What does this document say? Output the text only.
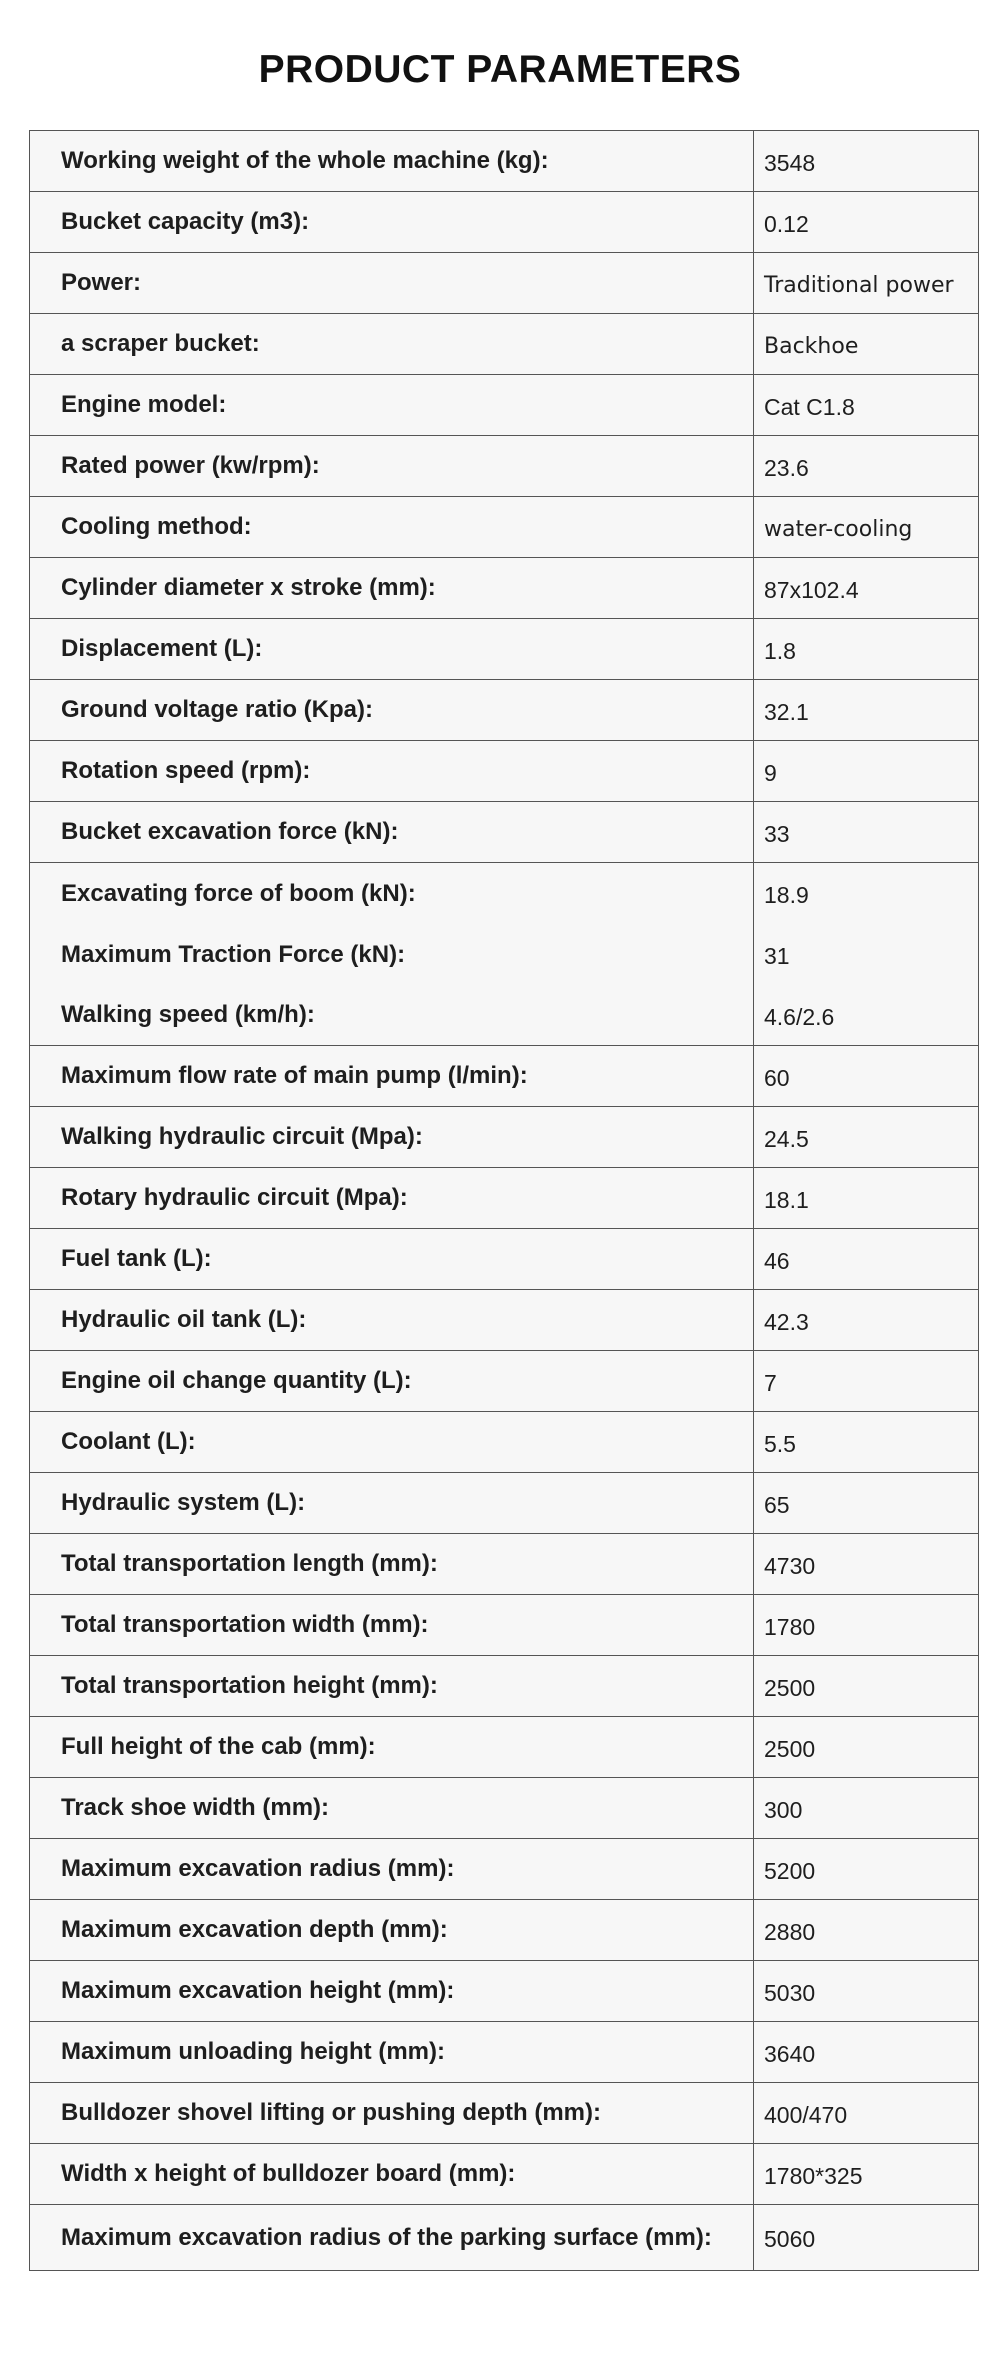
PRODUCT PARAMETERS
Working weight of the whole machine (kg):	3548
Bucket capacity (m3):	0.12
Power:	Traditional power
a scraper bucket:	Backhoe
Engine model:	Cat C1.8
Rated power (kw/rpm):	23.6
Cooling method:	water-cooling
Cylinder diameter x stroke (mm):	87x102.4
Displacement (L):	1.8
Ground voltage ratio (Kpa):	32.1
Rotation speed (rpm):	9
Bucket excavation force (kN):	33
Excavating force of boom (kN):	18.9
Maximum Traction Force (kN):	31
Walking speed (km/h):	4.6/2.6
Maximum flow rate of main pump (l/min):	60
Walking hydraulic circuit (Mpa):	24.5
Rotary hydraulic circuit (Mpa):	18.1
Fuel tank (L):	46
Hydraulic oil tank (L):	42.3
Engine oil change quantity (L):	7
Coolant (L):	5.5
Hydraulic system (L):	65
Total transportation length (mm):	4730
Total transportation width (mm):	1780
Total transportation height (mm):	2500
Full height of the cab (mm):	2500
Track shoe width (mm):	300
Maximum excavation radius (mm):	5200
Maximum excavation depth (mm):	2880
Maximum excavation height (mm):	5030
Maximum unloading height (mm):	3640
Bulldozer shovel lifting or pushing depth (mm):	400/470
Width x height of bulldozer board (mm):	1780*325
Maximum excavation radius of the parking surface (mm):	5060
